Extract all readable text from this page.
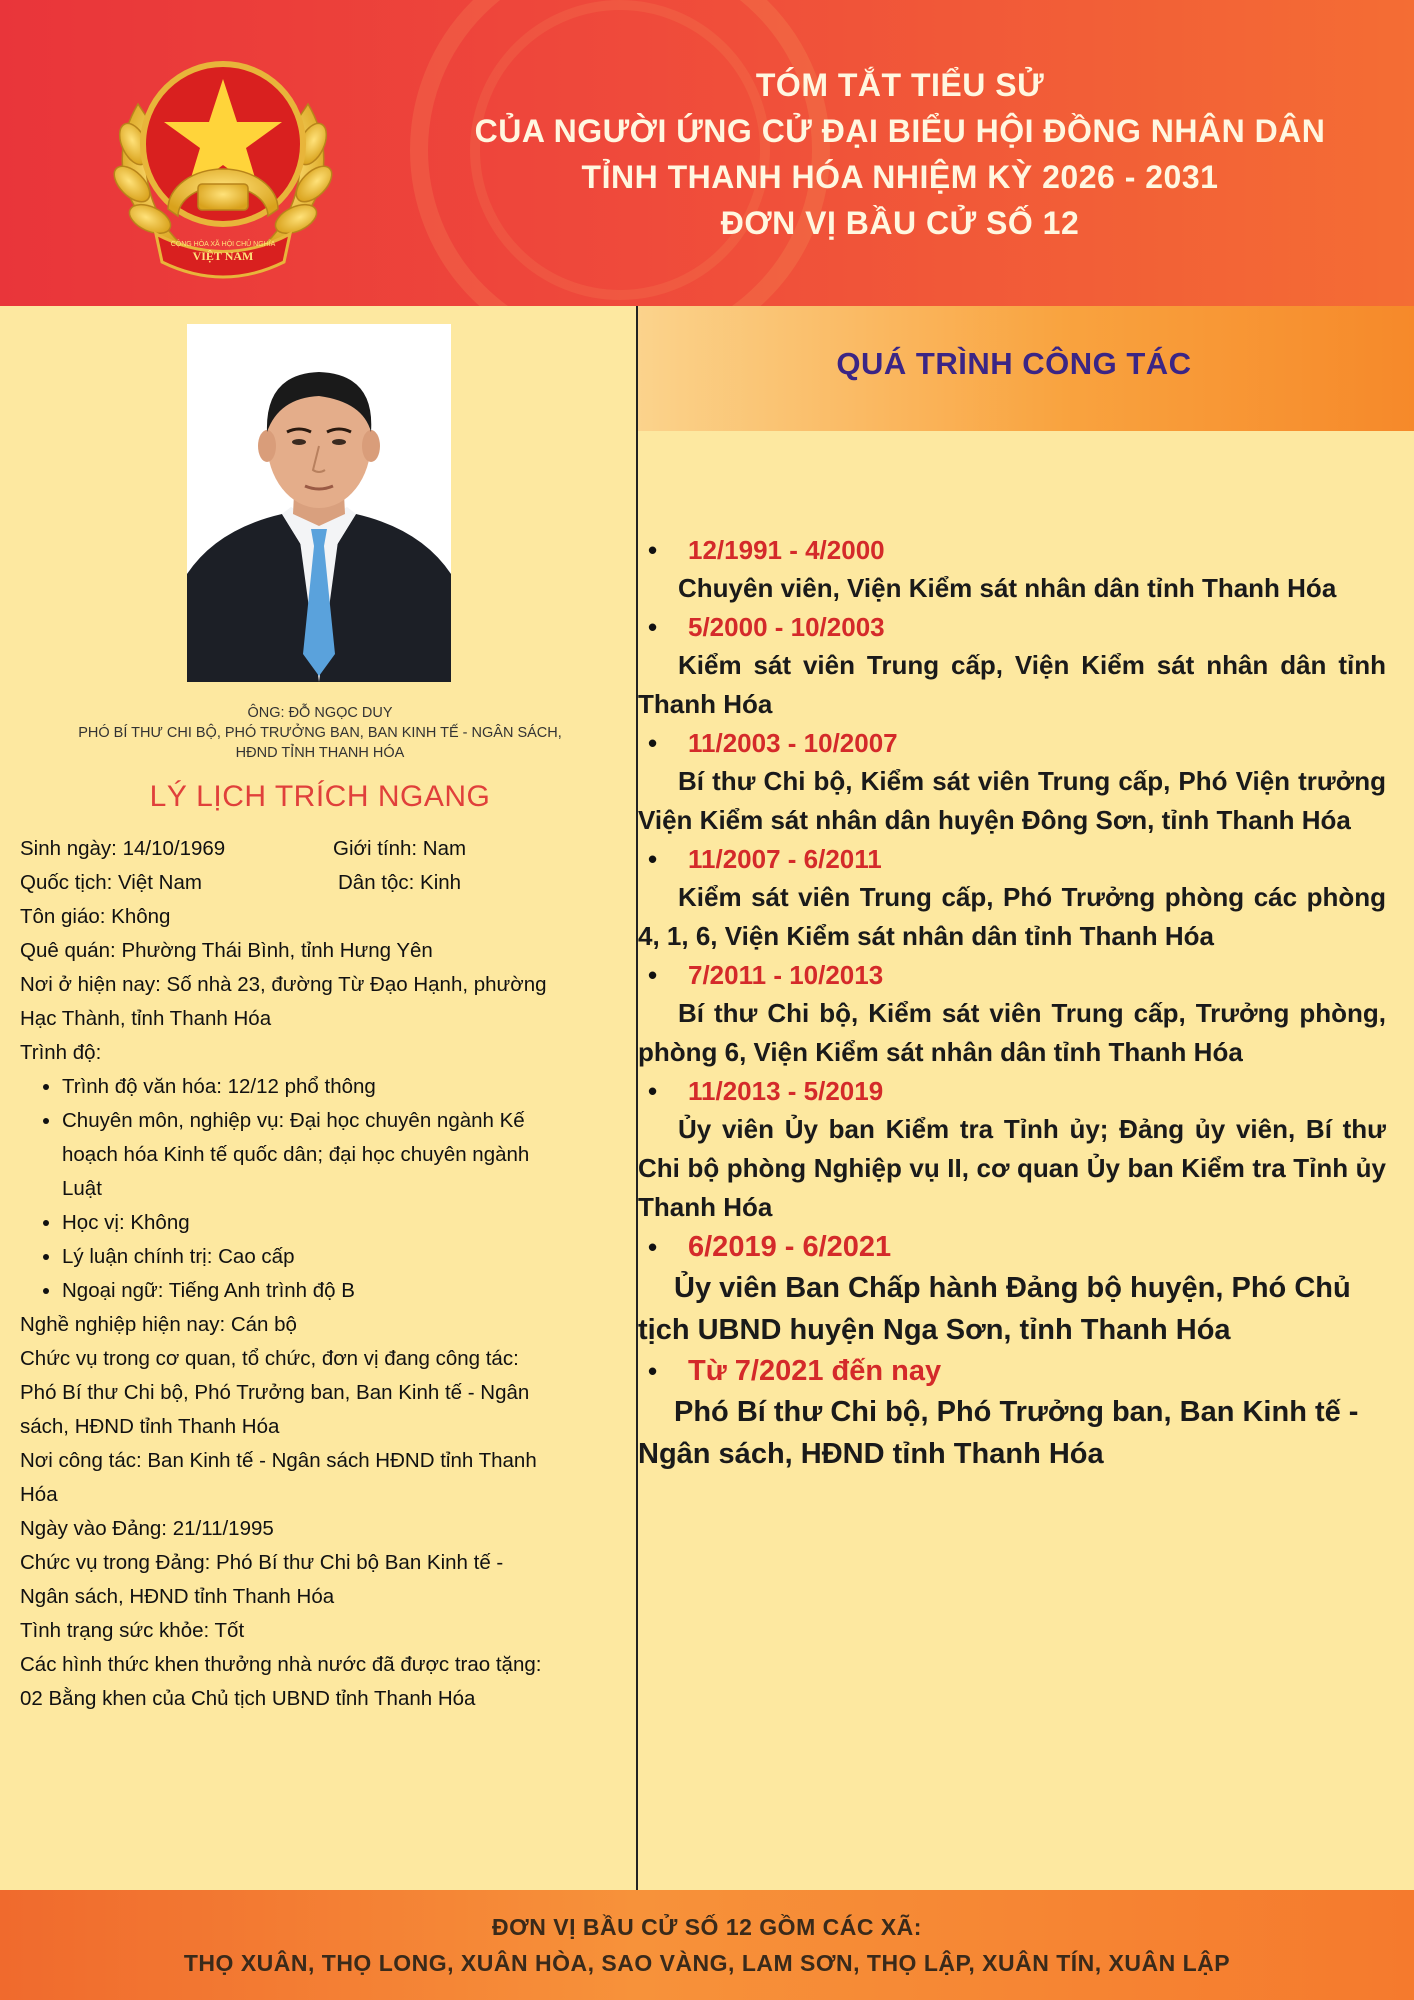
CỘNG HÒA XÃ HỘI CHỦ NGHĨA
VIỆT NAM
TÓM TẮT TIỂU SỬ
CỦA NGƯỜI ỨNG CỬ ĐẠI BIỂU HỘI ĐỒNG NHÂN DÂN
TỈNH THANH HÓA NHIỆM KỲ 2026 - 2031
ĐƠN VỊ BẦU CỬ SỐ 12
ÔNG: ĐỖ NGỌC DUY
PHÓ BÍ THƯ CHI BỘ, PHÓ TRƯỞNG BAN, BAN KINH TẾ - NGÂN SÁCH,
HĐND TỈNH THANH HÓA
LÝ LỊCH TRÍCH NGANG
Sinh ngày: 14/10/1969	Giới tính: Nam
Quốc tịch: Việt Nam	Dân tộc: Kinh
Tôn giáo: Không
Quê quán: Phường Thái Bình, tỉnh Hưng Yên
Nơi ở hiện nay: Số nhà 23, đường Từ Đạo Hạnh, phường
Hạc Thành, tỉnh Thanh Hóa
Trình độ:
• Trình độ văn hóa: 12/12 phổ thông
• Chuyên môn, nghiệp vụ: Đại học chuyên ngành Kế
hoạch hóa Kinh tế quốc dân; đại học chuyên ngành
Luật
• Học vị: Không
• Lý luận chính trị: Cao cấp
• Ngoại ngữ: Tiếng Anh trình độ B
Nghề nghiệp hiện nay: Cán bộ
Chức vụ trong cơ quan, tổ chức, đơn vị đang công tác:
Phó Bí thư Chi bộ, Phó Trưởng ban, Ban Kinh tế - Ngân
sách, HĐND tỉnh Thanh Hóa
Nơi công tác: Ban Kinh tế - Ngân sách HĐND tỉnh Thanh
Hóa
Ngày vào Đảng: 21/11/1995
Chức vụ trong Đảng: Phó Bí thư Chi bộ Ban Kinh tế -
Ngân sách, HĐND tỉnh Thanh Hóa
Tình trạng sức khỏe: Tốt
Các hình thức khen thưởng nhà nước đã được trao tặng:
02 Bằng khen của Chủ tịch UBND tỉnh Thanh Hóa
QUÁ TRÌNH CÔNG TÁC
• 12/1991 - 4/2000
Chuyên viên, Viện Kiểm sát nhân dân tỉnh Thanh Hóa
• 5/2000 - 10/2003
Kiểm sát viên Trung cấp, Viện Kiểm sát nhân dân tỉnh Thanh Hóa
• 11/2003 - 10/2007
Bí thư Chi bộ, Kiểm sát viên Trung cấp, Phó Viện trưởng Viện Kiểm sát nhân dân huyện Đông Sơn, tỉnh Thanh Hóa
• 11/2007 - 6/2011
Kiểm sát viên Trung cấp, Phó Trưởng phòng các phòng 4, 1, 6, Viện Kiểm sát nhân dân tỉnh Thanh Hóa
• 7/2011 - 10/2013
Bí thư Chi bộ, Kiểm sát viên Trung cấp, Trưởng phòng, phòng 6, Viện Kiểm sát nhân dân tỉnh Thanh Hóa
• 11/2013 - 5/2019
Ủy viên Ủy ban Kiểm tra Tỉnh ủy; Đảng ủy viên, Bí thư Chi bộ phòng Nghiệp vụ II, cơ quan Ủy ban Kiểm tra Tỉnh ủy Thanh Hóa
• 6/2019 - 6/2021
Ủy viên Ban Chấp hành Đảng bộ huyện, Phó Chủ tịch UBND huyện Nga Sơn, tỉnh Thanh Hóa
• Từ 7/2021 đến nay
Phó Bí thư Chi bộ, Phó Trưởng ban, Ban Kinh tế - Ngân sách, HĐND tỉnh Thanh Hóa
ĐƠN VỊ BẦU CỬ SỐ 12 GỒM CÁC XÃ:
THỌ XUÂN, THỌ LONG, XUÂN HÒA, SAO VÀNG, LAM SƠN, THỌ LẬP, XUÂN TÍN, XUÂN LẬP
